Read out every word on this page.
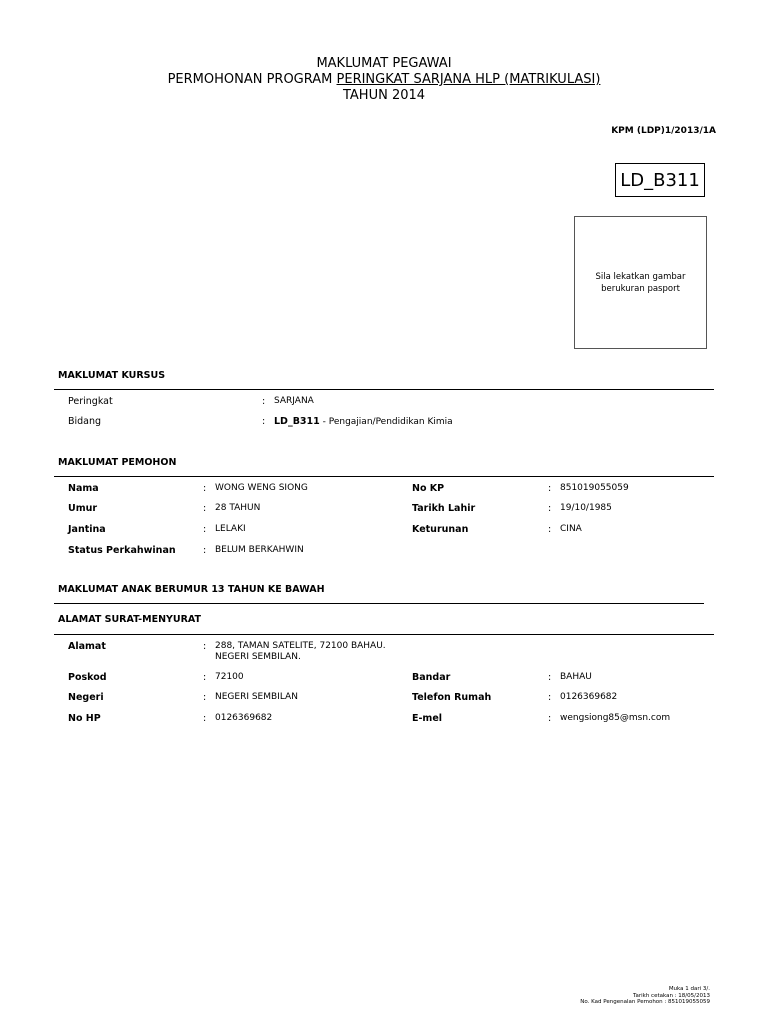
MAKLUMAT PEGAWAI
PERMOHONAN PROGRAM PERINGKAT SARJANA HLP (MATRIKULASI)
TAHUN 2014
KPM (LDP)1/2013/1A
LD_B311
Sila lekatkan gambar berukuran pasport
MAKLUMAT KURSUS
Peringkat	: SARJANA
Bidang	: LD_B311 - Pengajian/Pendidikan Kimia
MAKLUMAT PEMOHON
Nama	: WONG WENG SIONG	No KP	: 851019055059
Umur	: 28 TAHUN	Tarikh Lahir	: 19/10/1985
Jantina	: LELAKI	Keturunan	: CINA
Status Perkahwinan	: BELUM BERKAHWIN
MAKLUMAT ANAK BERUMUR 13 TAHUN KE BAWAH
ALAMAT SURAT-MENYURAT
Alamat	: 288, TAMAN SATELITE, 72100 BAHAU.
NEGERI SEMBILAN.
Poskod	: 72100	Bandar	: BAHAU
Negeri	: NEGERI SEMBILAN	Telefon Rumah	: 0126369682
No HP	: 0126369682	E-mel	: wengsiong85@msn.com
Muka 1 dari 3/.
Tarikh cetakan : 18/05/2013
No. Kad Pengenalan Pemohon : 851019055059
